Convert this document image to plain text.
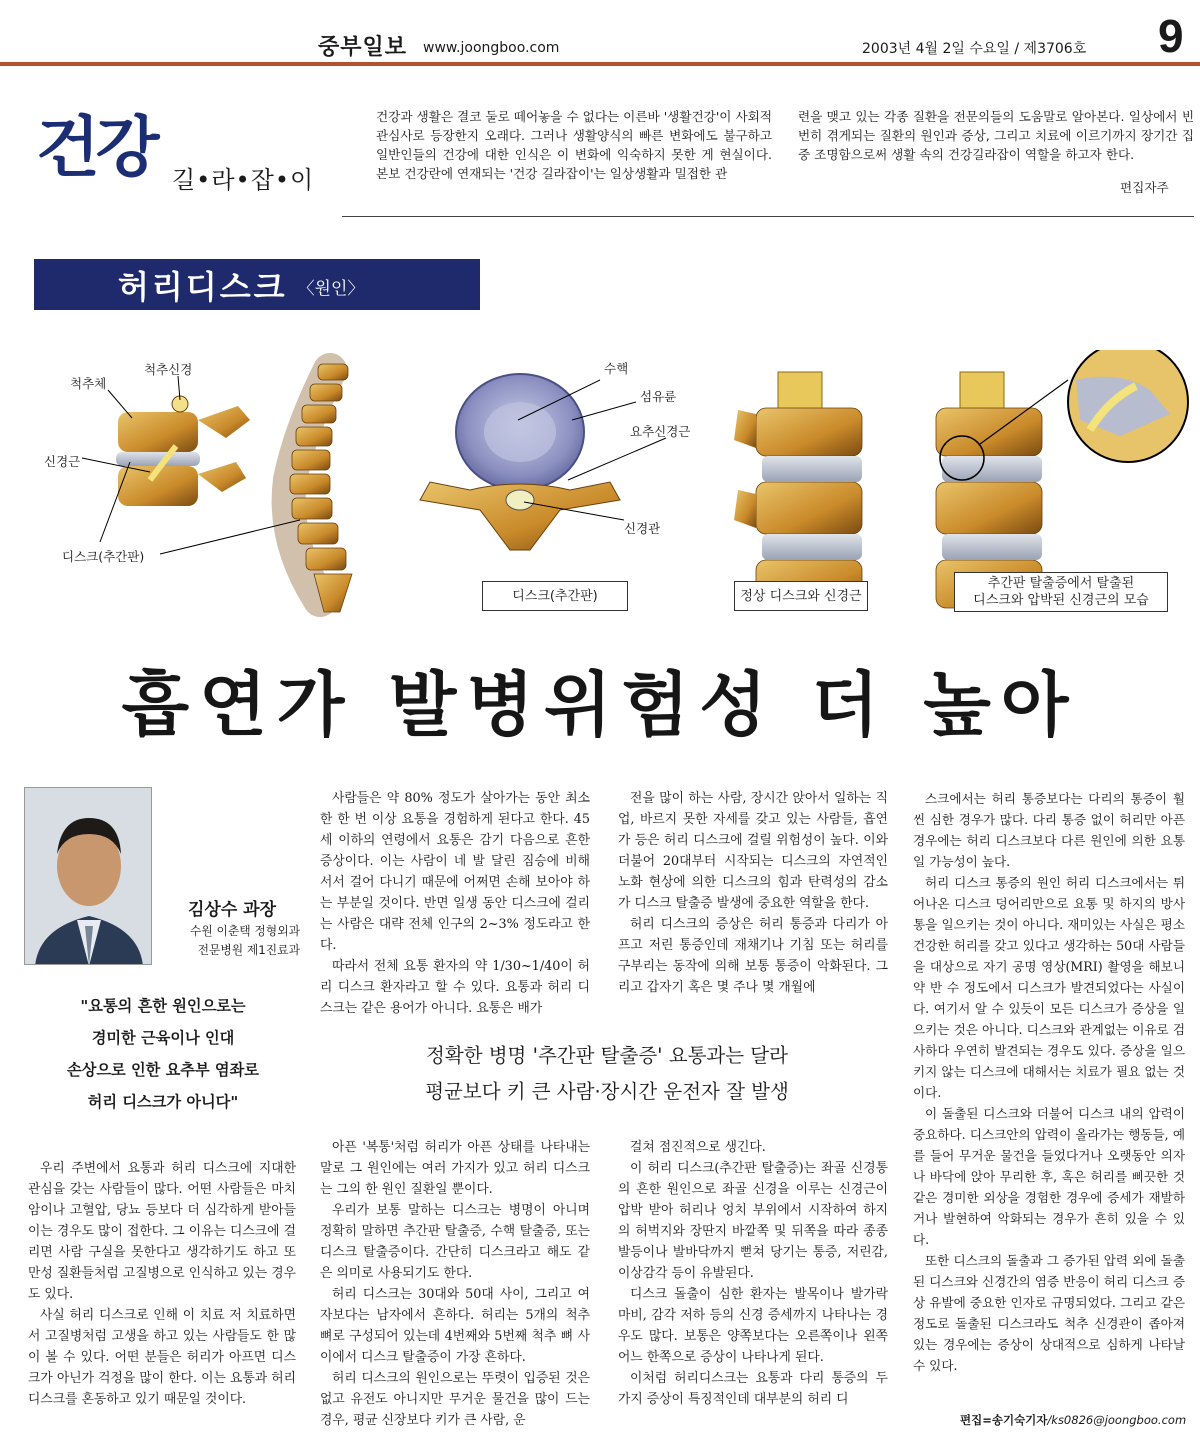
중부일보 www.joongboo.com	2003년 4월 2일 수요일 / 제3706호 9
건강 길•라•잡•이
건강과 생활은 결코 둘로 떼어놓을 수 없다는 이른바 '생활건강'이 사회적 관심사로 등장한지 오래다. 그러나 생활양식의 빠른 변화에도 불구하고 일반인들의 건강에 대한 인식은 이 변화에 익숙하지 못한 게 현실이다. 본보 건강란에 연재되는 '건강 길라잡이'는 일상생활과 밀접한 관
련을 맺고 있는 각종 질환을 전문의들의 도움말로 알아본다. 일상에서 빈번히 겪게되는 질환의 원인과 증상, 그리고 치료에 이르기까지 장기간 집중 조명함으로써 생활 속의 건강길라잡이 역할을 하고자 한다.
편집자주
허리디스크 〈원인〉
척추체
척추신경
신경근
디스크(추간판)
수핵
섬유륜
요추신경근
신경관
디스크(추간판)	정상 디스크와 신경근
추간판 탈출증에서 탈출된
디스크와 압박된 신경근의 모습
흡연가 발병위험성 더 높아
김상수 과장
수원 이춘택 정형외과
전문병원 제1진료과
"요통의 흔한 원인으로는
경미한 근육이나 인대
손상으로 인한 요추부 염좌로
허리 디스크가 아니다"
정확한 병명 '추간판 탈출증' 요통과는 달라
평균보다 키 큰 사람·장시간 운전자 잘 발생

우리 주변에서 요통과 허리 디스크에 지대한 관심을 갖는 사람들이 많다. 어떤 사람들은 마치 암이나 고혈압, 당뇨 등보다 더 심각하게 받아들이는 경우도 많이 접한다. 그 이유는 디스크에 걸리면 사람 구실을 못한다고 생각하기도 하고 또 만성 질환들처럼 고질병으로 인식하고 있는 경우도 있다.

사실 허리 디스크로 인해 이 치료 저 치료하면서 고질병처럼 고생을 하고 있는 사람들도 한 많이 볼 수 있다. 어떤 분들은 허리가 아프면 디스크가 아닌가 걱정을 많이 한다. 이는 요통과 허리 디스크를 혼동하고 있기 때문일 것이다.

사람들은 약 80% 정도가 살아가는 동안 최소한 한 번 이상 요통을 경험하게 된다고 한다. 45세 이하의 연령에서 요통은 감기 다음으로 흔한 증상이다. 이는 사람이 네 발 달린 짐승에 비해 서서 걸어 다니기 때문에 어쩌면 손해 보아야 하는 부분일 것이다. 반면 일생 동안 디스크에 걸리는 사람은 대략 전체 인구의 2~3% 정도라고 한다.

따라서 전체 요통 환자의 약 1/30~1/40이 허리 디스크 환자라고 할 수 있다. 요통과 허리 디스크는 같은 용어가 아니다. 요통은 배가

전을 많이 하는 사람, 장시간 앉아서 일하는 직업, 바르지 못한 자세를 갖고 있는 사람들, 흡연가 등은 허리 디스크에 걸릴 위험성이 높다. 이와 더불어 20대부터 시작되는 디스크의 자연적인 노화 현상에 의한 디스크의 힘과 탄력성의 감소가 디스크 탈출증 발생에 중요한 역할을 한다.

허리 디스크의 증상은 허리 통증과 다리가 아프고 저린 통증인데 재채기나 기침 또는 허리를 구부리는 동작에 의해 보통 통증이 악화된다. 그리고 갑자기 혹은 몇 주나 몇 개월에

아픈 '복통'처럼 허리가 아픈 상태를 나타내는 말로 그 원인에는 여러 가지가 있고 허리 디스크는 그의 한 원인 질환일 뿐이다.

우리가 보통 말하는 디스크는 병명이 아니며 정확히 말하면 추간판 탈출증, 수핵 탈출증, 또는 디스크 탈출증이다. 간단히 디스크라고 해도 같은 의미로 사용되기도 한다.

허리 디스크는 30대와 50대 사이, 그리고 여자보다는 남자에서 흔하다. 허리는 5개의 척추 뼈로 구성되어 있는데 4번째와 5번째 척추 뼈 사이에서 디스크 탈출증이 가장 흔하다.

허리 디스크의 원인으로는 뚜렷이 입증된 것은 없고 유전도 아니지만 무거운 물건을 많이 드는 경우, 평균 신장보다 키가 큰 사람, 운

걸쳐 점진적으로 생긴다.

이 허리 디스크(추간판 탈출증)는 좌골 신경통의 흔한 원인으로 좌골 신경을 이루는 신경근이 압박 받아 허리나 엉치 부위에서 시작하여 하지의 허벅지와 장딴지 바깥쪽 및 뒤쪽을 따라 종종 발등이나 발바닥까지 뻗쳐 당기는 통증, 저린감, 이상감각 등이 유발된다.

디스크 돌출이 심한 환자는 발목이나 발가락 마비, 감각 저하 등의 신경 증세까지 나타나는 경우도 많다. 보통은 양쪽보다는 오른쪽이나 왼쪽 어느 한쪽으로 증상이 나타나게 된다.

이처럼 허리디스크는 요통과 다리 통증의 두 가지 증상이 특징적인데 대부분의 허리 디

스크에서는 허리 통증보다는 다리의 통증이 훨씬 심한 경우가 많다. 다리 통증 없이 허리만 아픈 경우에는 허리 디스크보다 다른 원인에 의한 요통일 가능성이 높다.

허리 디스크 통증의 원인 허리 디스크에서는 튀어나온 디스크 덩어리만으로 요통 및 하지의 방사통을 일으키는 것이 아니다. 재미있는 사실은 평소 건강한 허리를 갖고 있다고 생각하는 50대 사람들을 대상으로 자기 공명 영상(MRI) 촬영을 해보니 약 반 수 정도에서 디스크가 발견되었다는 사실이다. 여기서 알 수 있듯이 모든 디스크가 증상을 일으키는 것은 아니다. 디스크와 관계없는 이유로 검사하다 우연히 발견되는 경우도 있다. 증상을 일으키지 않는 디스크에 대해서는 치료가 필요 없는 것이다.

이 돌출된 디스크와 더불어 디스크 내의 압력이 중요하다. 디스크안의 압력이 올라가는 행동들, 예를 들어 무거운 물건을 들었다거나 오랫동안 의자나 바닥에 앉아 무리한 후, 혹은 허리를 삐끗한 것 같은 경미한 외상을 경험한 경우에 증세가 재발하거나 발현하여 악화되는 경우가 흔히 있을 수 있다.

또한 디스크의 돌출과 그 증가된 압력 외에 돌출된 디스크와 신경간의 염증 반응이 허리 디스크 증상 유발에 중요한 인자로 규명되었다. 그리고 같은 정도로 돌출된 디스크라도 척추 신경관이 좁아져 있는 경우에는 증상이 상대적으로 심하게 나타날 수 있다.

편집=송기숙기자/ks0826@joongboo.com
